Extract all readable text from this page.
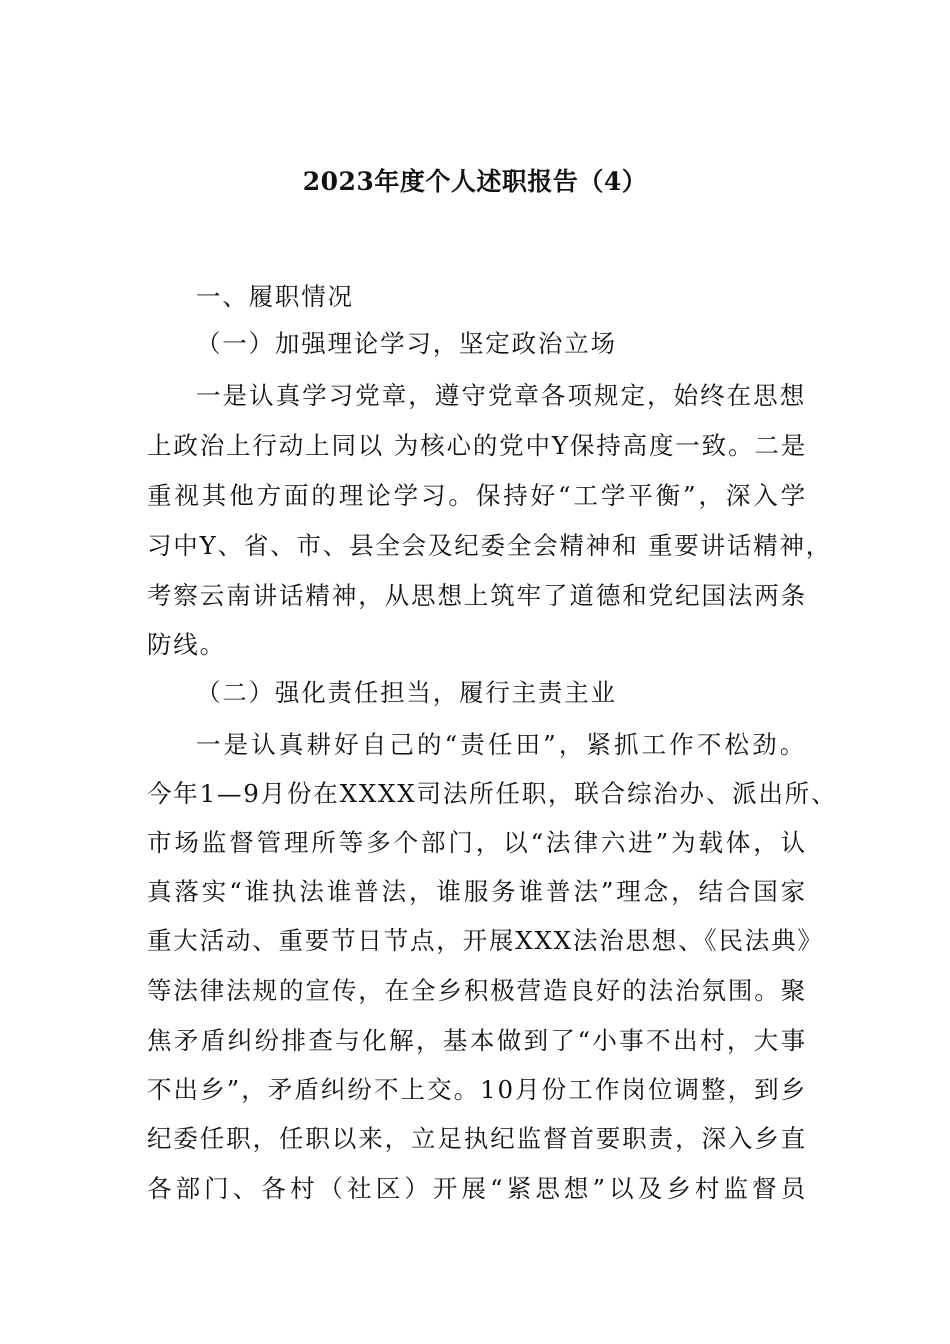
2023年度个人述职报告（4）
一、履职情况
（一）加强理论学习，坚定政治立场
一是认真学习党章，遵守党章各项规定，始终在思想
上政治上行动上同以 为核心的党中Y保持高度一致。二是
重视其他方面的理论学习。保持好“工学平衡”，深入学
习中Y、省、市、县全会及纪委全会精神和 重要讲话精神，
考察云南讲话精神，从思想上筑牢了道德和党纪国法两条
防线。
（二）强化责任担当，履行主责主业
一是认真耕好自己的“责任田”，紧抓工作不松劲。
今年1—9月份在XXXX司法所任职，联合综治办、派出所、
市场监督管理所等多个部门，以“法律六进”为载体，认
真落实“谁执法谁普法，谁服务谁普法”理念，结合国家
重大活动、重要节日节点，开展XXX法治思想、《民法典》
等法律法规的宣传，在全乡积极营造良好的法治氛围。聚
焦矛盾纠纷排查与化解，基本做到了“小事不出村，大事
不出乡”，矛盾纠纷不上交。10月份工作岗位调整，到乡
纪委任职，任职以来，立足执纪监督首要职责，深入乡直
各部门、各村（社区）开展“紧思想”以及乡村监督员
